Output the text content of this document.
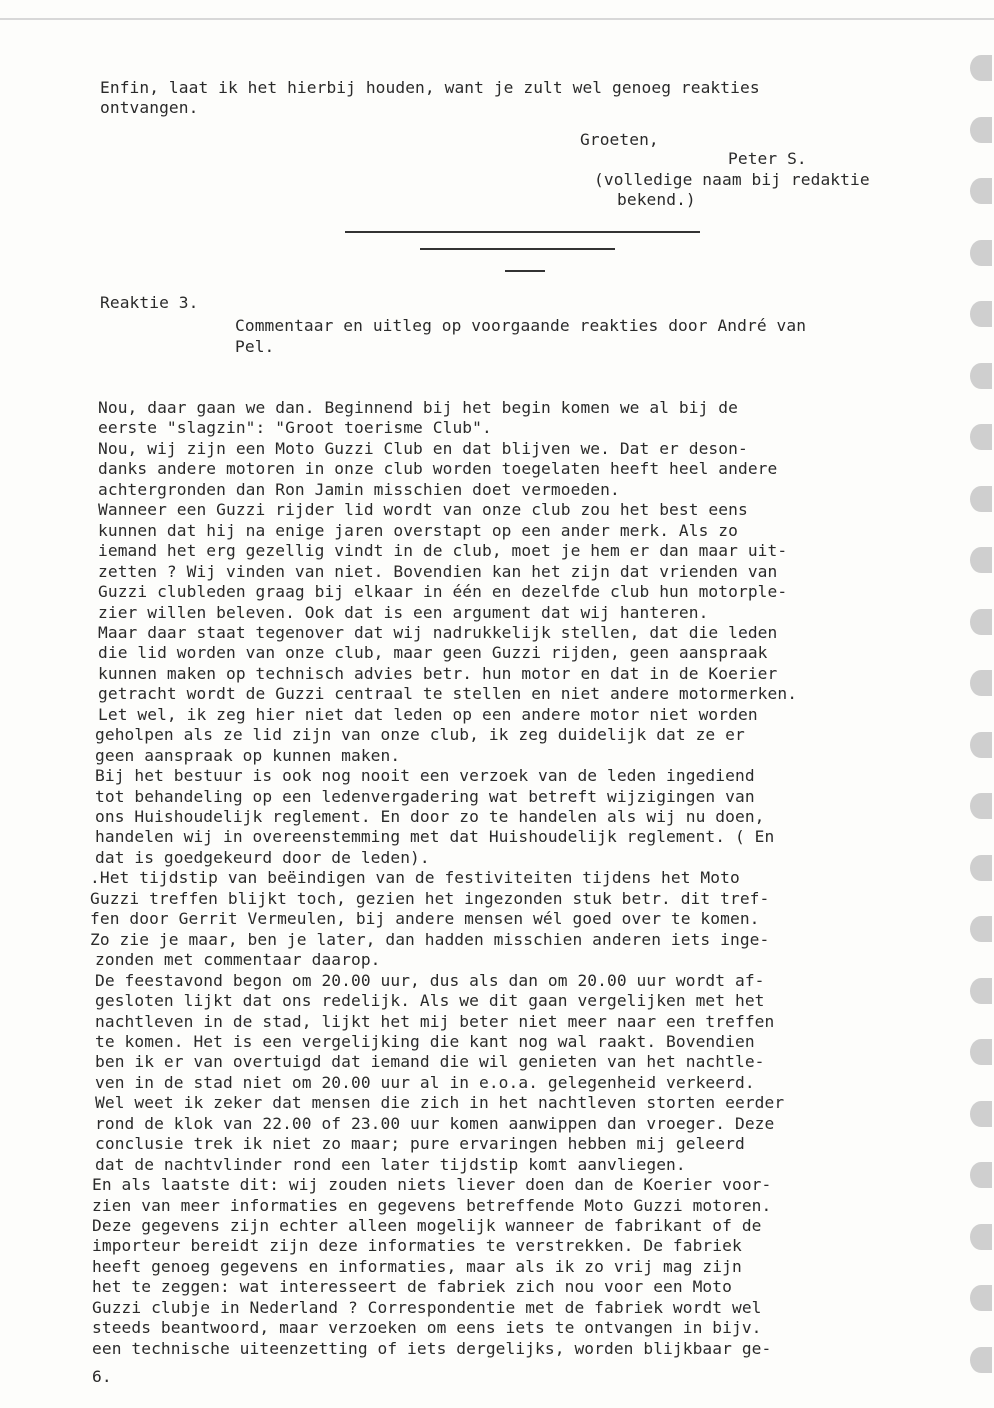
Enfin, laat ik het hierbij houden, want je zult wel genoeg reakties
ontvangen.
Groeten,
Peter S.
(volledige naam bij redaktie
bekend.)
Reaktie 3.
Commentaar en uitleg op voorgaande reakties door André van
Pel.
Nou, daar gaan we dan. Beginnend bij het begin komen we al bij de
eerste "slagzin": "Groot toerisme Club".
Nou, wij zijn een Moto Guzzi Club en dat blijven we. Dat er deson-
danks andere motoren in onze club worden toegelaten heeft heel andere
achtergronden dan Ron Jamin misschien doet vermoeden.
Wanneer een Guzzi rijder lid wordt van onze club zou het best eens
kunnen dat hij na enige jaren overstapt op een ander merk. Als zo
iemand het erg gezellig vindt in de club, moet je hem er dan maar uit-
zetten ? Wij vinden van niet. Bovendien kan het zijn dat vrienden van
Guzzi clubleden graag bij elkaar in één en dezelfde club hun motorple-
zier willen beleven. Ook dat is een argument dat wij hanteren.
Maar daar staat tegenover dat wij nadrukkelijk stellen, dat die leden
die lid worden van onze club, maar geen Guzzi rijden, geen aanspraak
kunnen maken op technisch advies betr. hun motor en dat in de Koerier
getracht wordt de Guzzi centraal te stellen en niet andere motormerken.
Let wel, ik zeg hier niet dat leden op een andere motor niet worden
geholpen als ze lid zijn van onze club, ik zeg duidelijk dat ze er
geen aanspraak op kunnen maken.
Bij het bestuur is ook nog nooit een verzoek van de leden ingediend
tot behandeling op een ledenvergadering wat betreft wijzigingen van
ons Huishoudelijk reglement. En door zo te handelen als wij nu doen,
handelen wij in overeenstemming met dat Huishoudelijk reglement. ( En
dat is goedgekeurd door de leden).
.Het tijdstip van beëindigen van de festiviteiten tijdens het Moto
Guzzi treffen blijkt toch, gezien het ingezonden stuk betr. dit tref-
fen door Gerrit Vermeulen, bij andere mensen wél goed over te komen.
Zo zie je maar, ben je later, dan hadden misschien anderen iets inge-
zonden met commentaar daarop.
De feestavond begon om 20.00 uur, dus als dan om 20.00 uur wordt af-
gesloten lijkt dat ons redelijk. Als we dit gaan vergelijken met het
nachtleven in de stad, lijkt het mij beter niet meer naar een treffen
te komen. Het is een vergelijking die kant nog wal raakt. Bovendien
ben ik er van overtuigd dat iemand die wil genieten van het nachtle-
ven in de stad niet om 20.00 uur al in e.o.a. gelegenheid verkeerd.
Wel weet ik zeker dat mensen die zich in het nachtleven storten eerder
rond de klok van 22.00 of 23.00 uur komen aanwippen dan vroeger. Deze
conclusie trek ik niet zo maar; pure ervaringen hebben mij geleerd
dat de nachtvlinder rond een later tijdstip komt aanvliegen.
En als laatste dit: wij zouden niets liever doen dan de Koerier voor-
zien van meer informaties en gegevens betreffende Moto Guzzi motoren.
Deze gegevens zijn echter alleen mogelijk wanneer de fabrikant of de
importeur bereidt zijn deze informaties te verstrekken. De fabriek
heeft genoeg gegevens en informaties, maar als ik zo vrij mag zijn
het te zeggen: wat interesseert de fabriek zich nou voor een Moto
Guzzi clubje in Nederland ? Correspondentie met de fabriek wordt wel
steeds beantwoord, maar verzoeken om eens iets te ontvangen in bijv.
een technische uiteenzetting of iets dergelijks, worden blijkbaar ge-
6.
